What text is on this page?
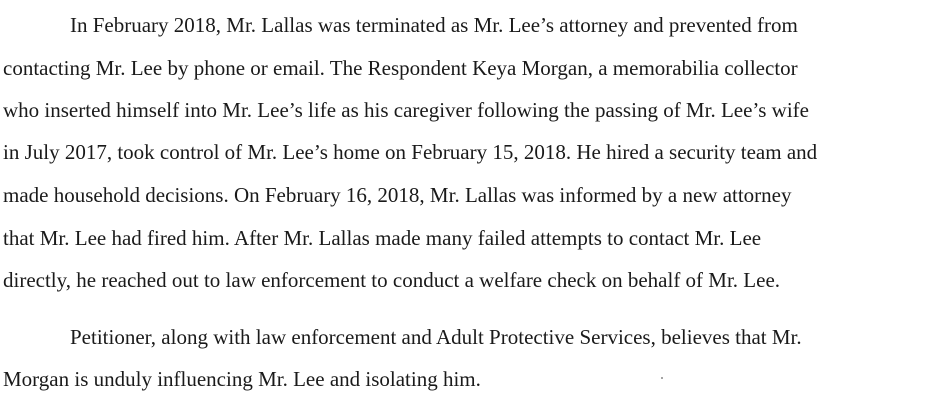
In February 2018, Mr. Lallas was terminated as Mr. Lee’s attorney and prevented from
contacting Mr. Lee by phone or email. The Respondent Keya Morgan, a memorabilia collector
who inserted himself into Mr. Lee’s life as his caregiver following the passing of Mr. Lee’s wife
in July 2017, took control of Mr. Lee’s home on February 15, 2018. He hired a security team and
made household decisions. On February 16, 2018, Mr. Lallas was informed by a new attorney
that Mr. Lee had fired him. After Mr. Lallas made many failed attempts to contact Mr. Lee
directly, he reached out to law enforcement to conduct a welfare check on behalf of Mr. Lee.
Petitioner, along with law enforcement and Adult Protective Services, believes that Mr.
Morgan is unduly influencing Mr. Lee and isolating him.
